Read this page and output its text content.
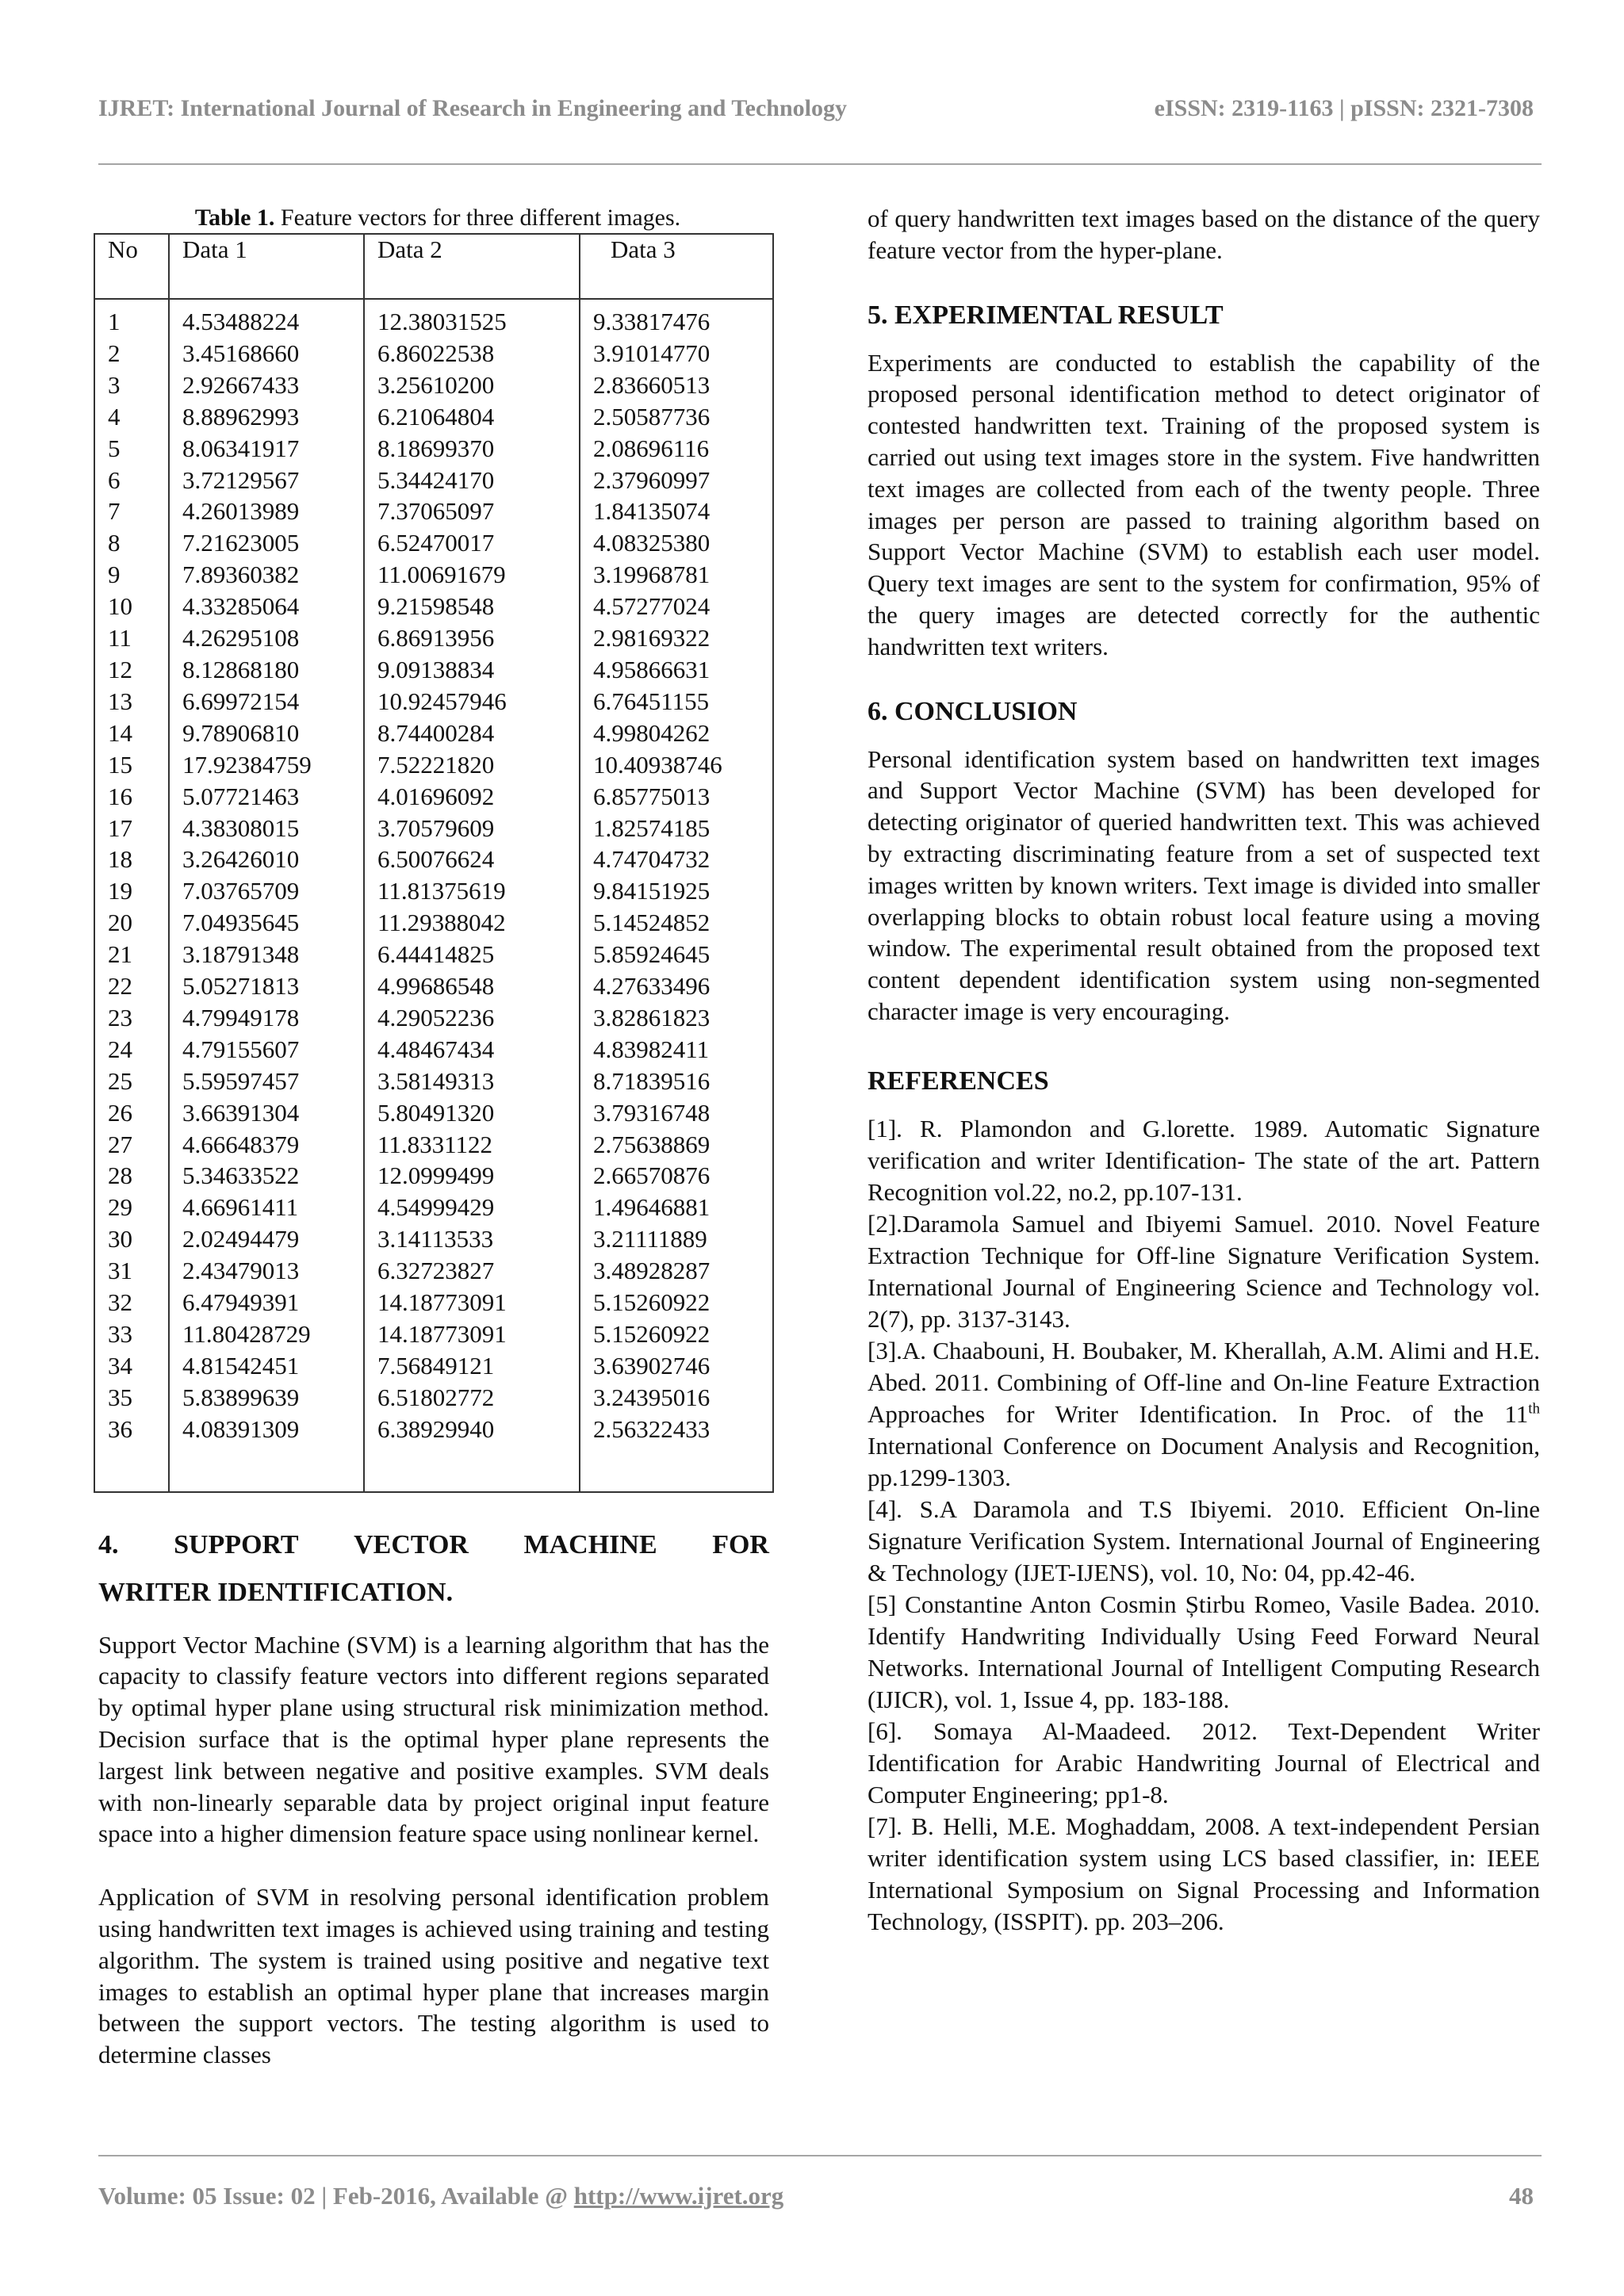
IJRET: International Journal of Research in Engineering and Technology	eISSN: 2319-1163 | pISSN: 2321-7308
Table 1. Feature vectors for three different images.
No	Data 1	Data 2	Data 3
1	4.53488224	12.38031525	9.33817476
2	3.45168660	6.86022538	3.91014770
3	2.92667433	3.25610200	2.83660513
4	8.88962993	6.21064804	2.50587736
5	8.06341917	8.18699370	2.08696116
6	3.72129567	5.34424170	2.37960997
7	4.26013989	7.37065097	1.84135074
8	7.21623005	6.52470017	4.08325380
9	7.89360382	11.00691679	3.19968781
10	4.33285064	9.21598548	4.57277024
11	4.26295108	6.86913956	2.98169322
12	8.12868180	9.09138834	4.95866631
13	6.69972154	10.92457946	6.76451155
14	9.78906810	8.74400284	4.99804262
15	17.92384759	7.52221820	10.40938746
16	5.07721463	4.01696092	6.85775013
17	4.38308015	3.70579609	1.82574185
18	3.26426010	6.50076624	4.74704732
19	7.03765709	11.81375619	9.84151925
20	7.04935645	11.29388042	5.14524852
21	3.18791348	6.44414825	5.85924645
22	5.05271813	4.99686548	4.27633496
23	4.79949178	4.29052236	3.82861823
24	4.79155607	4.48467434	4.83982411
25	5.59597457	3.58149313	8.71839516
26	3.66391304	5.80491320	3.79316748
27	4.66648379	11.8331122	2.75638869
28	5.34633522	12.0999499	2.66570876
29	4.66961411	4.54999429	1.49646881
30	2.02494479	3.14113533	3.21111889
31	2.43479013	6.32723827	3.48928287
32	6.47949391	14.18773091	5.15260922
33	11.80428729	14.18773091	5.15260922
34	4.81542451	7.56849121	3.63902746
35	5.83899639	6.51802772	3.24395016
36	4.08391309	6.38929940	2.56322433

4. SUPPORT VECTOR MACHINE FOR
WRITER IDENTIFICATION.
Support Vector Machine (SVM) is a learning algorithm that has the capacity to classify feature vectors into different regions separated by optimal hyper plane using structural risk minimization method. Decision surface that is the optimal hyper plane represents the largest link between negative and positive examples. SVM deals with non-linearly separable data by project original input feature space into a higher dimension feature space using nonlinear kernel.
Application of SVM in resolving personal identification problem using handwritten text images is achieved using training and testing algorithm. The system is trained using positive and negative text images to establish an optimal hyper plane that increases margin between the support vectors. The testing algorithm is used to determine classes
of query handwritten text images based on the distance of the query feature vector from the hyper-plane.
5. EXPERIMENTAL RESULT
Experiments are conducted to establish the capability of the proposed personal identification method to detect originator of contested handwritten text. Training of the proposed system is carried out using text images store in the system. Five handwritten text images are collected from each of the twenty people. Three images per person are passed to training algorithm based on Support Vector Machine (SVM) to establish each user model. Query text images are sent to the system for confirmation, 95% of the query images are detected correctly for the authentic handwritten text writers.
6. CONCLUSION
Personal identification system based on handwritten text images and Support Vector Machine (SVM) has been developed for detecting originator of queried handwritten text. This was achieved by extracting discriminating feature from a set of suspected text images written by known writers. Text image is divided into smaller overlapping blocks to obtain robust local feature using a moving window. The experimental result obtained from the proposed text content dependent identification system using non-segmented character image is very encouraging.
REFERENCES
[1]. R. Plamondon and G.lorette. 1989. Automatic Signature verification and writer Identification- The state of the art. Pattern Recognition vol.22, no.2, pp.107-131.
[2].Daramola Samuel and Ibiyemi Samuel. 2010. Novel Feature Extraction Technique for Off-line Signature Verification System. International Journal of Engineering Science and Technology vol. 2(7), pp. 3137-3143.
[3].A. Chaabouni, H. Boubaker, M. Kherallah, A.M. Alimi and H.E. Abed. 2011. Combining of Off-line and On-line Feature Extraction Approaches for Writer Identification. In Proc. of the 11th International Conference on Document Analysis and Recognition, pp.1299-1303.
[4]. S.A Daramola and T.S Ibiyemi. 2010. Efficient On-line Signature Verification System. International Journal of Engineering & Technology (IJET-IJENS), vol. 10, No: 04, pp.42-46.
[5] Constantine Anton Cosmin Știrbu Romeo, Vasile Badea. 2010. Identify Handwriting Individually Using Feed Forward Neural Networks. International Journal of Intelligent Computing Research (IJICR), vol. 1, Issue 4, pp. 183-188.
[6]. Somaya Al-Maadeed. 2012. Text-Dependent Writer Identification for Arabic Handwriting Journal of Electrical and Computer Engineering; pp1-8.
[7]. B. Helli, M.E. Moghaddam, 2008. A text-independent Persian writer identification system using LCS based classifier, in: IEEE International Symposium on Signal Processing and Information Technology, (ISSPIT). pp. 203–206.
Volume: 05 Issue: 02 | Feb-2016, Available @ http://www.ijret.org	48
